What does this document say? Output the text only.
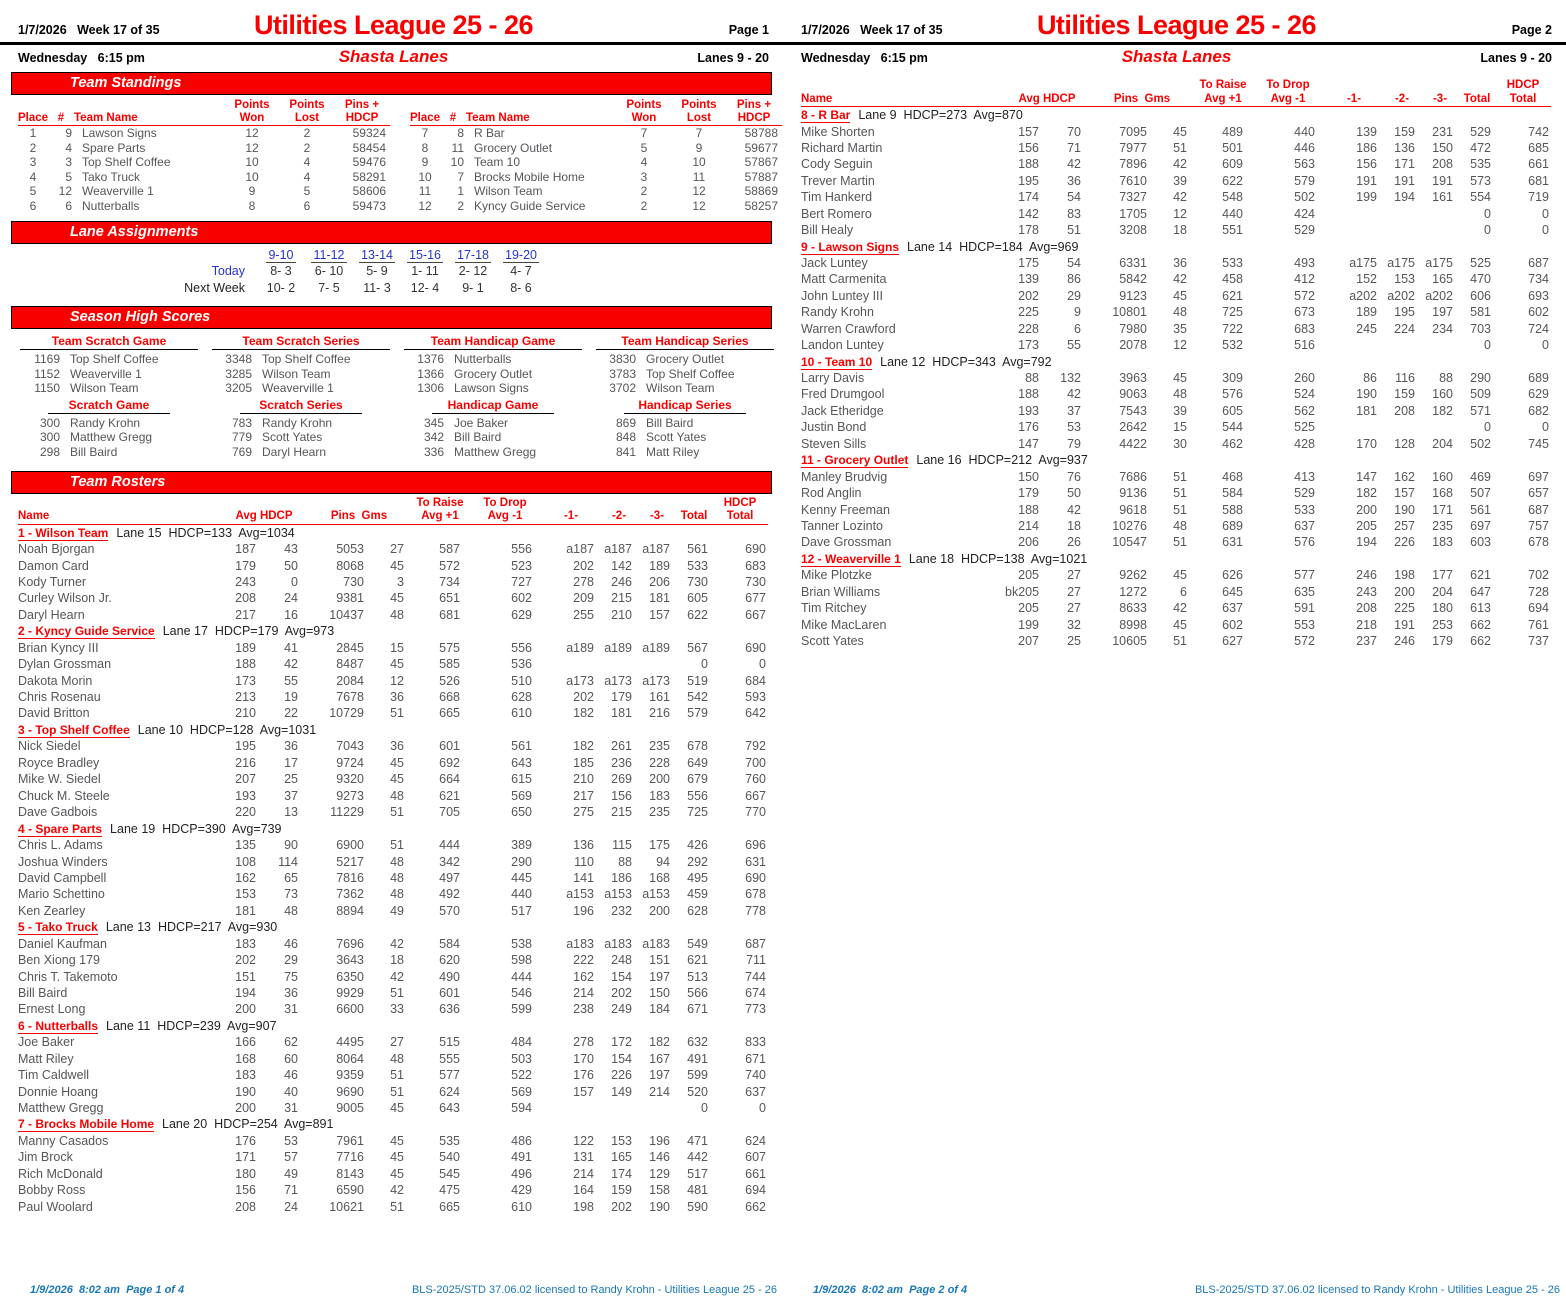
1/7/2026 Week 17 of 35	Utilities League 25 - 26	Page 1
Wednesday 6:15 pm	Shasta Lanes	Lanes 9 - 20
Team Standings
			Points	Points	Pins +
Place	#	Team Name	Won	Lost	HDCP
1	9	Lawson Signs	12	2	59324
2	4	Spare Parts	12	2	58454
3	3	Top Shelf Coffee	10	4	59476
4	5	Tako Truck	10	4	58291
5	12	Weaverville 1	9	5	58606
6	6	Nutterballs	8	6	59473
			Points	Points	Pins +
Place	#	Team Name	Won	Lost	HDCP
7	8	R Bar	7	7	58788
8	11	Grocery Outlet	5	9	59677
9	10	Team 10	4	10	57867
10	7	Brocks Mobile Home	3	11	57887
11	1	Wilson Team	2	12	58869
12	2	Kyncy Guide Service	2	12	58257
Lane Assignments
9-10	11-12	13-14	15-16	17-18	19-20
Today	8- 3	6- 10	5- 9	1- 11	2- 12	4- 7
Next Week	10- 2	7- 5	11- 3	12- 4	9- 1	8- 6
Season High Scores
Team Scratch Game
1169 Top Shelf Coffee
1152 Weaverville 1
1150 Wilson Team
Scratch Game
300 Randy Krohn
300 Matthew Gregg
298 Bill Baird
Team Scratch Series
3348 Top Shelf Coffee
3285 Wilson Team
3205 Weaverville 1
Scratch Series
783 Randy Krohn
779 Scott Yates
769 Daryl Hearn
Team Handicap Game
1376 Nutterballs
1366 Grocery Outlet
1306 Lawson Signs
Handicap Game
345 Joe Baker
342 Bill Baird
336 Matthew Gregg
Team Handicap Series
3830 Grocery Outlet
3783 Top Shelf Coffee
3702 Wilson Team
Handicap Series
869 Bill Baird
848 Scott Yates
841 Matt Riley
Team Rosters
					To Raise	To Drop					HDCP
Name	Avg HDCP		Pins  Gms		Avg +1	Avg -1	-1-	-2-	-3-	Total	Total
1 - Wilson Team Lane 15  HDCP=133  Avg=1034											
Noah Bjorgan	187	43	5053	27	587	556	a187	a187	a187	561	690
Damon Card	179	50	8068	45	572	523	202	142	189	533	683
Kody Turner	243	0	730	3	734	727	278	246	206	730	730
Curley Wilson Jr.	208	24	9381	45	651	602	209	215	181	605	677
Daryl Hearn	217	16	10437	48	681	629	255	210	157	622	667
2 - Kyncy Guide Service Lane 17  HDCP=179  Avg=973											
Brian Kyncy III	189	41	2845	15	575	556	a189	a189	a189	567	690
Dylan Grossman	188	42	8487	45	585	536				0	0
Dakota Morin	173	55	2084	12	526	510	a173	a173	a173	519	684
Chris Rosenau	213	19	7678	36	668	628	202	179	161	542	593
David Britton	210	22	10729	51	665	610	182	181	216	579	642
3 - Top Shelf Coffee Lane 10  HDCP=128  Avg=1031											
Nick Siedel	195	36	7043	36	601	561	182	261	235	678	792
Royce Bradley	216	17	9724	45	692	643	185	236	228	649	700
Mike W. Siedel	207	25	9320	45	664	615	210	269	200	679	760
Chuck M. Steele	193	37	9273	48	621	569	217	156	183	556	667
Dave Gadbois	220	13	11229	51	705	650	275	215	235	725	770
4 - Spare Parts Lane 19  HDCP=390  Avg=739											
Chris L. Adams	135	90	6900	51	444	389	136	115	175	426	696
Joshua Winders	108	114	5217	48	342	290	110	88	94	292	631
David Campbell	162	65	7816	48	497	445	141	186	168	495	690
Mario Schettino	153	73	7362	48	492	440	a153	a153	a153	459	678
Ken Zearley	181	48	8894	49	570	517	196	232	200	628	778
5 - Tako Truck Lane 13  HDCP=217  Avg=930											
Daniel Kaufman	183	46	7696	42	584	538	a183	a183	a183	549	687
Ben Xiong 179	202	29	3643	18	620	598	222	248	151	621	711
Chris T. Takemoto	151	75	6350	42	490	444	162	154	197	513	744
Bill Baird	194	36	9929	51	601	546	214	202	150	566	674
Ernest Long	200	31	6600	33	636	599	238	249	184	671	773
6 - Nutterballs Lane 11  HDCP=239  Avg=907											
Joe Baker	166	62	4495	27	515	484	278	172	182	632	833
Matt Riley	168	60	8064	48	555	503	170	154	167	491	671
Tim Caldwell	183	46	9359	51	577	522	176	226	197	599	740
Donnie Hoang	190	40	9690	51	624	569	157	149	214	520	637
Matthew Gregg	200	31	9005	45	643	594				0	0
7 - Brocks Mobile Home Lane 20  HDCP=254  Avg=891											
Manny Casados	176	53	7961	45	535	486	122	153	196	471	624
Jim Brock	171	57	7716	45	540	491	131	165	146	442	607
Rich McDonald	180	49	8143	45	545	496	214	174	129	517	661
Bobby Ross	156	71	6590	42	475	429	164	159	158	481	694
Paul Woolard	208	24	10621	51	665	610	198	202	190	590	662
1/9/2026 8:02 am Page 1 of 4	BLS-2025/STD 37.06.02 licensed to Randy Krohn - Utilities League 25 - 26
1/7/2026 Week 17 of 35	Utilities League 25 - 26	Page 2
Wednesday 6:15 pm	Shasta Lanes	Lanes 9 - 20
					To Raise	To Drop					HDCP
Name	Avg HDCP		Pins  Gms		Avg +1	Avg -1	-1-	-2-	-3-	Total	Total
8 - R Bar Lane 9  HDCP=273  Avg=870											
Mike Shorten	157	70	7095	45	489	440	139	159	231	529	742
Richard Martin	156	71	7977	51	501	446	186	136	150	472	685
Cody Seguin	188	42	7896	42	609	563	156	171	208	535	661
Trever Martin	195	36	7610	39	622	579	191	191	191	573	681
Tim Hankerd	174	54	7327	42	548	502	199	194	161	554	719
Bert Romero	142	83	1705	12	440	424				0	0
Bill Healy	178	51	3208	18	551	529				0	0
9 - Lawson Signs Lane 14  HDCP=184  Avg=969											
Jack Luntey	175	54	6331	36	533	493	a175	a175	a175	525	687
Matt Carmenita	139	86	5842	42	458	412	152	153	165	470	734
John Luntey III	202	29	9123	45	621	572	a202	a202	a202	606	693
Randy Krohn	225	9	10801	48	725	673	189	195	197	581	602
Warren Crawford	228	6	7980	35	722	683	245	224	234	703	724
Landon Luntey	173	55	2078	12	532	516				0	0
10 - Team 10 Lane 12  HDCP=343  Avg=792											
Larry Davis	88	132	3963	45	309	260	86	116	88	290	689
Fred Drumgool	188	42	9063	48	576	524	190	159	160	509	629
Jack Etheridge	193	37	7543	39	605	562	181	208	182	571	682
Justin Bond	176	53	2642	15	544	525				0	0
Steven Sills	147	79	4422	30	462	428	170	128	204	502	745
11 - Grocery Outlet Lane 16  HDCP=212  Avg=937											
Manley Brudvig	150	76	7686	51	468	413	147	162	160	469	697
Rod Anglin	179	50	9136	51	584	529	182	157	168	507	657
Kenny Freeman	188	42	9618	51	588	533	200	190	171	561	687
Tanner Lozinto	214	18	10276	48	689	637	205	257	235	697	757
Dave Grossman	206	26	10547	51	631	576	194	226	183	603	678
12 - Weaverville 1 Lane 18  HDCP=138  Avg=1021											
Mike Plotzke	205	27	9262	45	626	577	246	198	177	621	702
Brian Williams	bk205	27	1272	6	645	635	243	200	204	647	728
Tim Ritchey	205	27	8633	42	637	591	208	225	180	613	694
Mike MacLaren	199	32	8998	45	602	553	218	191	253	662	761
Scott Yates	207	25	10605	51	627	572	237	246	179	662	737
1/9/2026 8:02 am Page 2 of 4	BLS-2025/STD 37.06.02 licensed to Randy Krohn - Utilities League 25 - 26
